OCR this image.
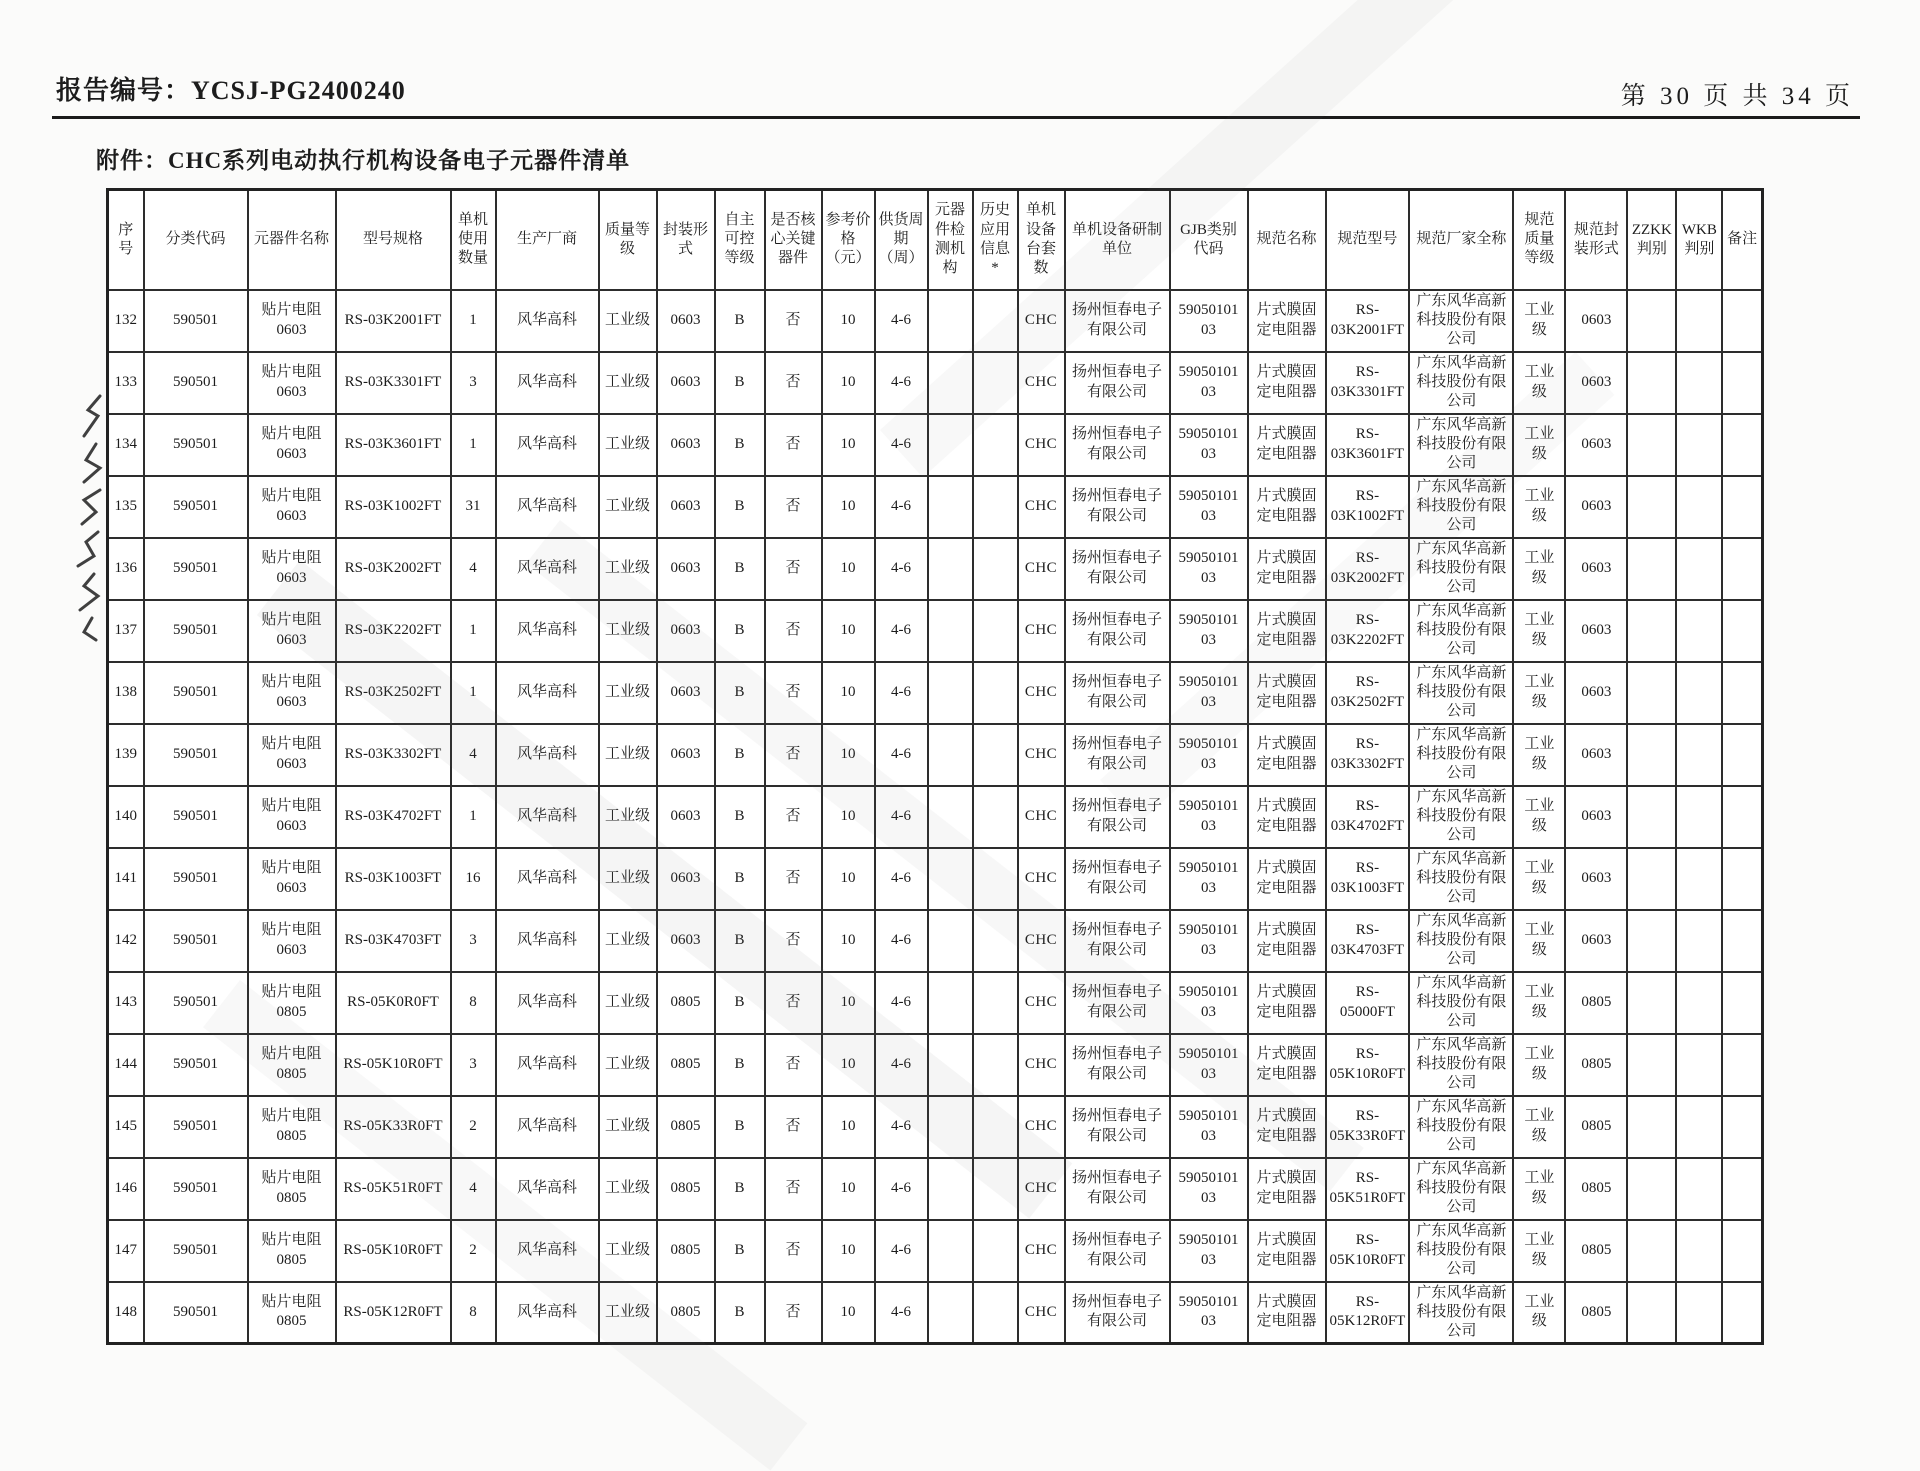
报告编号：YCSJ-PG2400240	第 30 页 共 34 页
附件：CHC系列电动执行机构设备电子元器件清单
序号	分类代码	元器件名称	型号规格	单机使用数量	生产厂商	质量等级	封装形式	自主可控等级	是否核心关键器件	参考价格（元）	供货周期（周）	元器件检测机构	历史应用信息*	单机设备台套数	单机设备研制单位	GJB类别代码	规范名称	规范型号	规范厂家全称	规范质量等级	规范封装形式	ZZKK判别	WKB判别	备注
132	590501	贴片电阻 0603	RS-03K2001FT	1	风华高科	工业级	0603	B	否	10	4-6			CHC	扬州恒春电子有限公司	59050101 03	片式膜固定电阻器	RS-03K2001FT	广东风华高新科技股份有限公司	工业级	0603			
133	590501	贴片电阻 0603	RS-03K3301FT	3	风华高科	工业级	0603	B	否	10	4-6			CHC	扬州恒春电子有限公司	59050101 03	片式膜固定电阻器	RS-03K3301FT	广东风华高新科技股份有限公司	工业级	0603			
134	590501	贴片电阻 0603	RS-03K3601FT	1	风华高科	工业级	0603	B	否	10	4-6			CHC	扬州恒春电子有限公司	59050101 03	片式膜固定电阻器	RS-03K3601FT	广东风华高新科技股份有限公司	工业级	0603			
135	590501	贴片电阻 0603	RS-03K1002FT	31	风华高科	工业级	0603	B	否	10	4-6			CHC	扬州恒春电子有限公司	59050101 03	片式膜固定电阻器	RS-03K1002FT	广东风华高新科技股份有限公司	工业级	0603			
136	590501	贴片电阻 0603	RS-03K2002FT	4	风华高科	工业级	0603	B	否	10	4-6			CHC	扬州恒春电子有限公司	59050101 03	片式膜固定电阻器	RS-03K2002FT	广东风华高新科技股份有限公司	工业级	0603			
137	590501	贴片电阻 0603	RS-03K2202FT	1	风华高科	工业级	0603	B	否	10	4-6			CHC	扬州恒春电子有限公司	59050101 03	片式膜固定电阻器	RS-03K2202FT	广东风华高新科技股份有限公司	工业级	0603			
138	590501	贴片电阻 0603	RS-03K2502FT	1	风华高科	工业级	0603	B	否	10	4-6			CHC	扬州恒春电子有限公司	59050101 03	片式膜固定电阻器	RS-03K2502FT	广东风华高新科技股份有限公司	工业级	0603			
139	590501	贴片电阻 0603	RS-03K3302FT	4	风华高科	工业级	0603	B	否	10	4-6			CHC	扬州恒春电子有限公司	59050101 03	片式膜固定电阻器	RS-03K3302FT	广东风华高新科技股份有限公司	工业级	0603			
140	590501	贴片电阻 0603	RS-03K4702FT	1	风华高科	工业级	0603	B	否	10	4-6			CHC	扬州恒春电子有限公司	59050101 03	片式膜固定电阻器	RS-03K4702FT	广东风华高新科技股份有限公司	工业级	0603			
141	590501	贴片电阻 0603	RS-03K1003FT	16	风华高科	工业级	0603	B	否	10	4-6			CHC	扬州恒春电子有限公司	59050101 03	片式膜固定电阻器	RS-03K1003FT	广东风华高新科技股份有限公司	工业级	0603			
142	590501	贴片电阻 0603	RS-03K4703FT	3	风华高科	工业级	0603	B	否	10	4-6			CHC	扬州恒春电子有限公司	59050101 03	片式膜固定电阻器	RS-03K4703FT	广东风华高新科技股份有限公司	工业级	0603			
143	590501	贴片电阻 0805	RS-05K0R0FT	8	风华高科	工业级	0805	B	否	10	4-6			CHC	扬州恒春电子有限公司	59050101 03	片式膜固定电阻器	RS-05000FT	广东风华高新科技股份有限公司	工业级	0805			
144	590501	贴片电阻 0805	RS-05K10R0FT	3	风华高科	工业级	0805	B	否	10	4-6			CHC	扬州恒春电子有限公司	59050101 03	片式膜固定电阻器	RS-05K10R0FT	广东风华高新科技股份有限公司	工业级	0805			
145	590501	贴片电阻 0805	RS-05K33R0FT	2	风华高科	工业级	0805	B	否	10	4-6			CHC	扬州恒春电子有限公司	59050101 03	片式膜固定电阻器	RS-05K33R0FT	广东风华高新科技股份有限公司	工业级	0805			
146	590501	贴片电阻 0805	RS-05K51R0FT	4	风华高科	工业级	0805	B	否	10	4-6			CHC	扬州恒春电子有限公司	59050101 03	片式膜固定电阻器	RS-05K51R0FT	广东风华高新科技股份有限公司	工业级	0805			
147	590501	贴片电阻 0805	RS-05K10R0FT	2	风华高科	工业级	0805	B	否	10	4-6			CHC	扬州恒春电子有限公司	59050101 03	片式膜固定电阻器	RS-05K10R0FT	广东风华高新科技股份有限公司	工业级	0805			
148	590501	贴片电阻 0805	RS-05K12R0FT	8	风华高科	工业级	0805	B	否	10	4-6			CHC	扬州恒春电子有限公司	59050101 03	片式膜固定电阻器	RS-05K12R0FT	广东风华高新科技股份有限公司	工业级	0805			
